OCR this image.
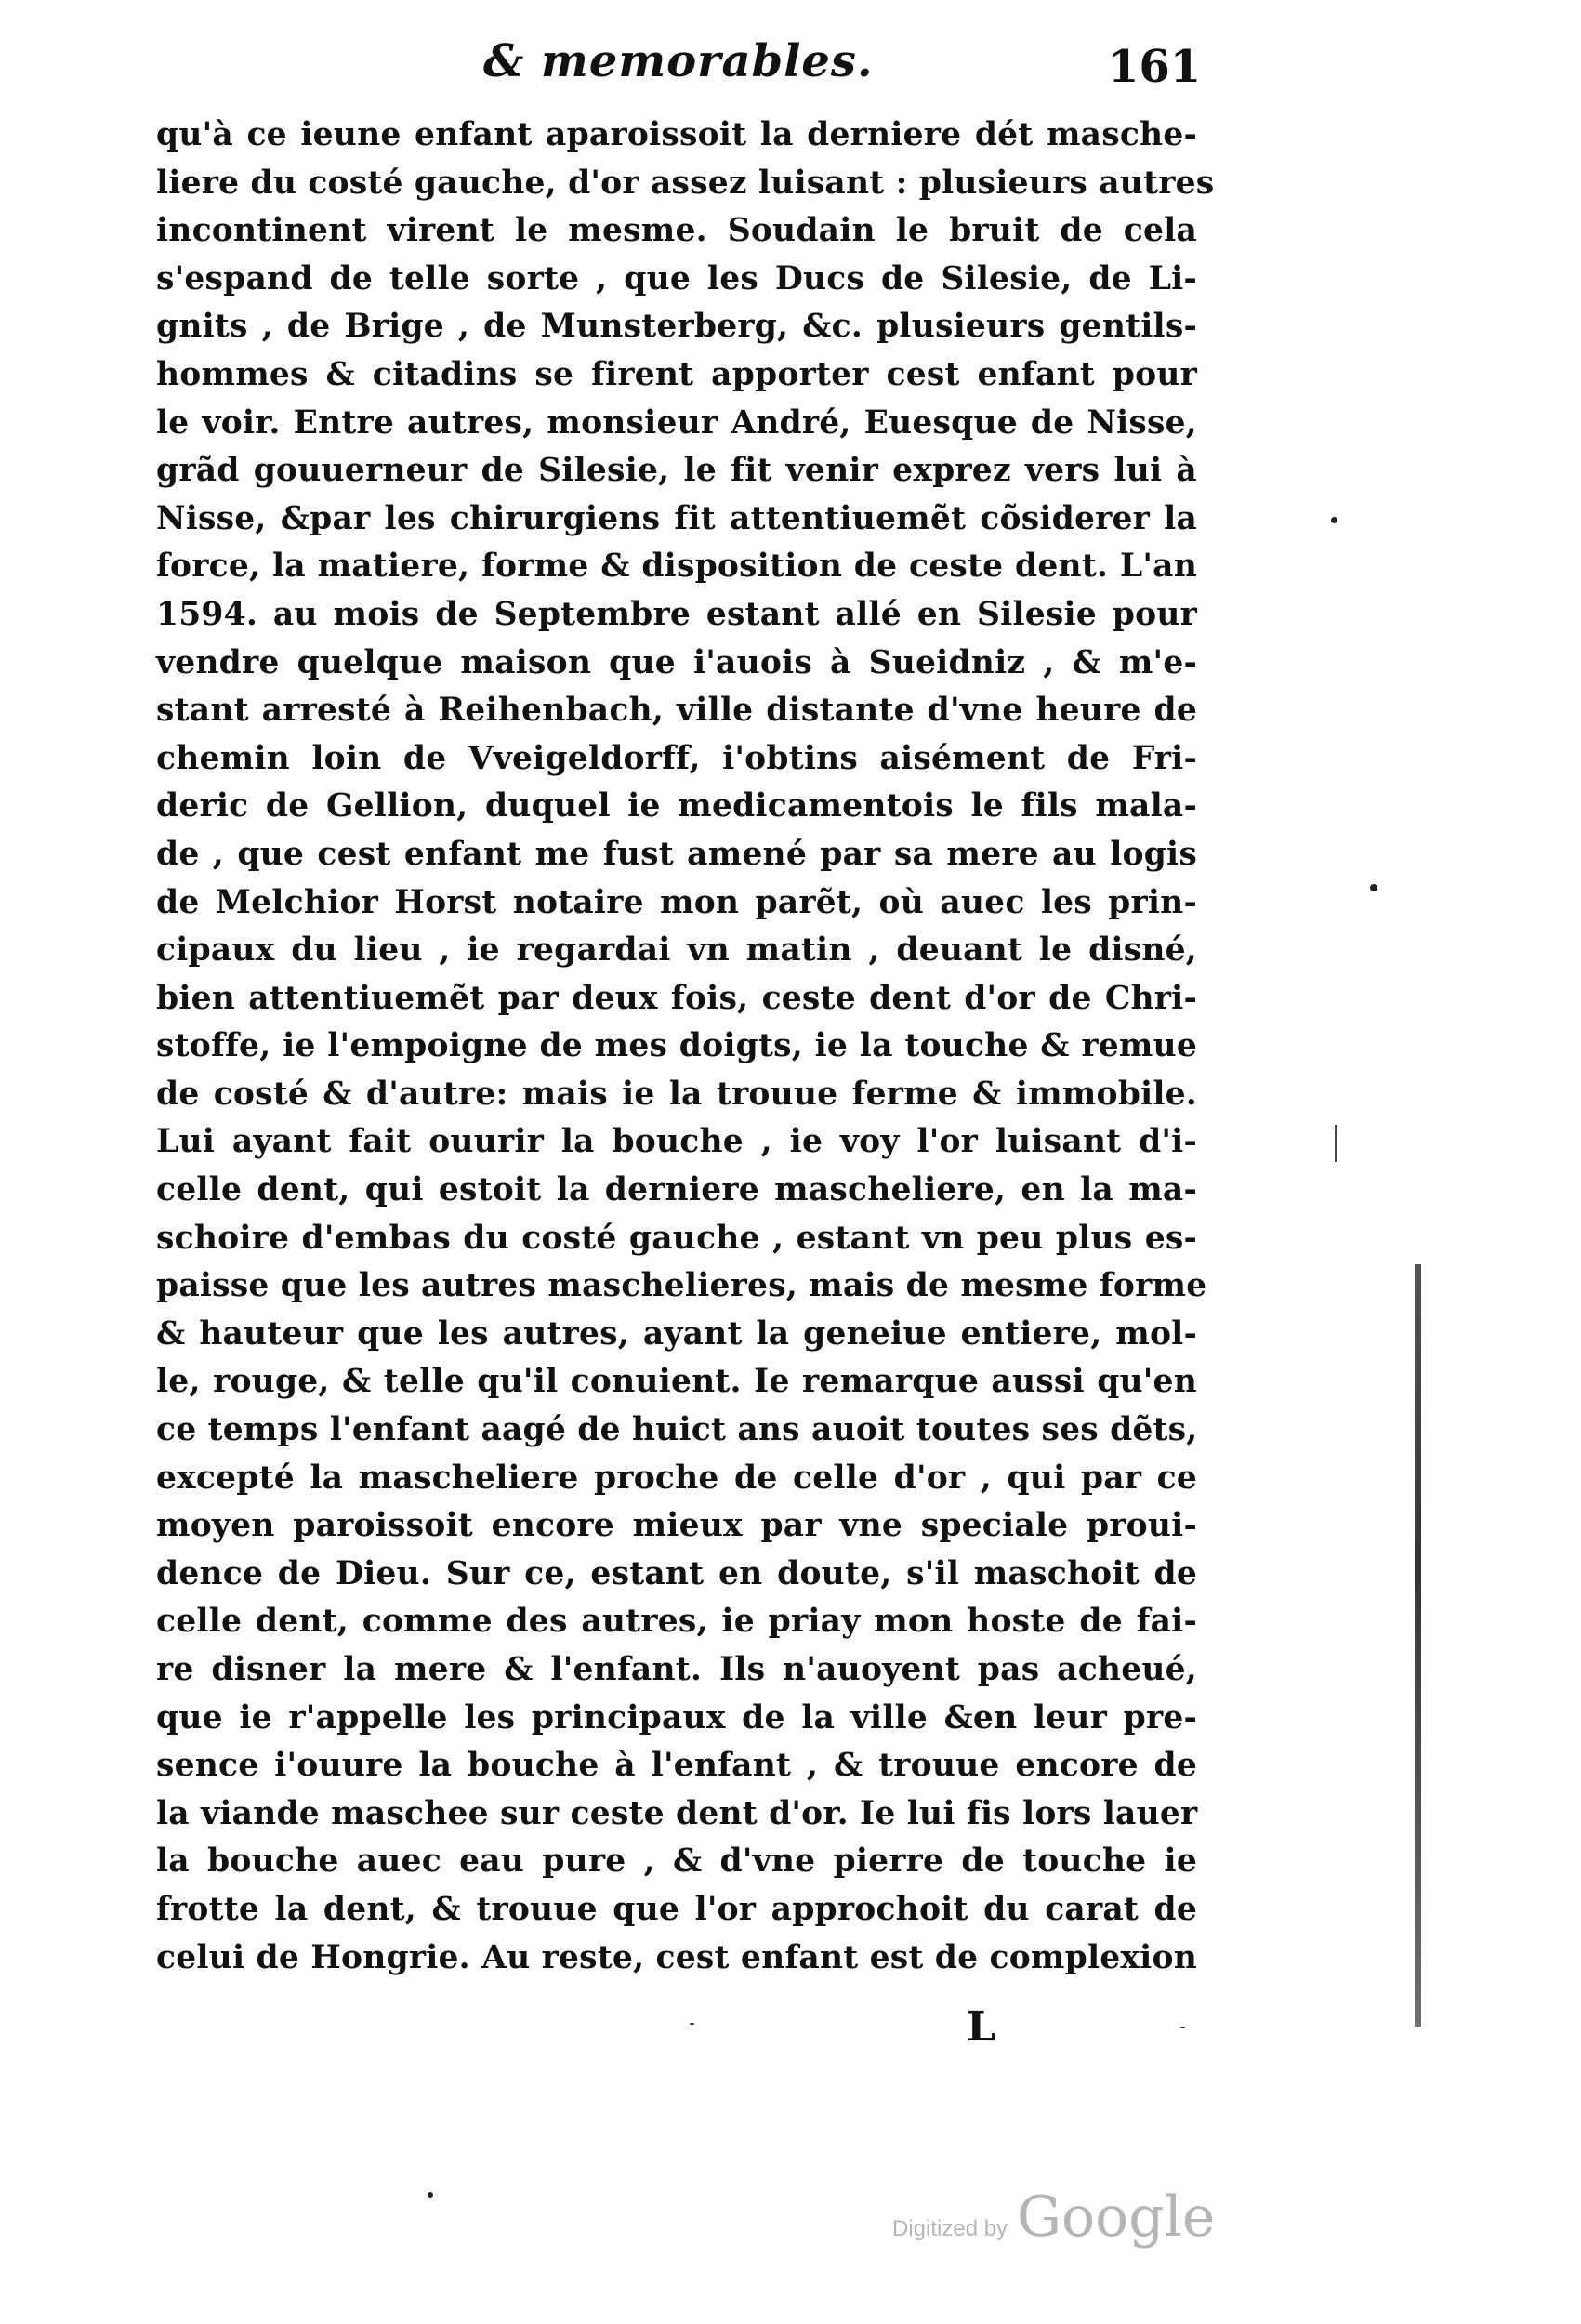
& memorables.	161
qu'à ce ieune enfant aparoissoit la derniere dét masche-
liere du costé gauche, d'or assez luisant : plusieurs autres
incontinent virent le mesme. Soudain le bruit de cela
s'espand de telle sorte , que les Ducs de Silesie, de Li-
gnits , de Brige , de Munsterberg, &c. plusieurs gentils-
hommes & citadins se firent apporter cest enfant pour
le voir. Entre autres, monsieur André, Euesque de Nisse,
grãd gouuerneur de Silesie, le fit venir exprez vers lui à
Nisse, &par les chirurgiens fit attentiuemẽt cõsiderer la
force, la matiere, forme & disposition de ceste dent. L'an
1594. au mois de Septembre estant allé en Silesie pour
vendre quelque maison que i'auois à Sueidniz , & m'e-
stant arresté à Reihenbach, ville distante d'vne heure de
chemin loin de Vveigeldorff, i'obtins aisément de Fri-
deric de Gellion, duquel ie medicamentois le fils mala-
de , que cest enfant me fust amené par sa mere au logis
de Melchior Horst notaire mon parẽt, où auec les prin-
cipaux du lieu , ie regardai vn matin , deuant le disné,
bien attentiuemẽt par deux fois, ceste dent d'or de Chri-
stoffe, ie l'empoigne de mes doigts, ie la touche & remue
de costé & d'autre: mais ie la trouue ferme & immobile.
Lui ayant fait ouurir la bouche , ie voy l'or luisant d'i-
celle dent, qui estoit la derniere mascheliere, en la ma-
schoire d'embas du costé gauche , estant vn peu plus es-
paisse que les autres maschelieres, mais de mesme forme
& hauteur que les autres, ayant la geneiue entiere, mol-
le, rouge, & telle qu'il conuient. Ie remarque aussi qu'en
ce temps l'enfant aagé de huict ans auoit toutes ses dẽts,
excepté la mascheliere proche de celle d'or , qui par ce
moyen paroissoit encore mieux par vne speciale proui-
dence de Dieu. Sur ce, estant en doute, s'il maschoit de
celle dent, comme des autres, ie priay mon hoste de fai-
re disner la mere & l'enfant. Ils n'auoyent pas acheué,
que ie r'appelle les principaux de la ville &en leur pre-
sence i'ouure la bouche à l'enfant , & trouue encore de
la viande maschee sur ceste dent d'or. Ie lui fis lors lauer
la bouche auec eau pure , & d'vne pierre de touche ie
frotte la dent, & trouue que l'or approchoit du carat de
celui de Hongrie. Au reste, cest enfant est de complexion
L
Digitized by Google
